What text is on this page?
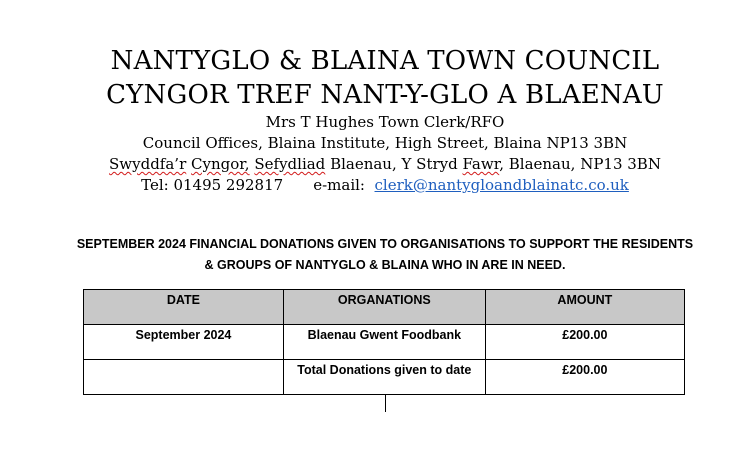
NANTYGLO & BLAINA TOWN COUNCIL
CYNGOR TREF NANT-Y-GLO A BLAENAU
Mrs T Hughes Town Clerk/RFO
Council Offices, Blaina Institute, High Street, Blaina NP13 3BN
Swyddfa’r Cyngor, Sefydliad Blaenau, Y Stryd Fawr, Blaenau, NP13 3BN
Tel: 01495 292817 e-mail: clerk@nantygloandblainatc.co.uk
SEPTEMBER 2024 FINANCIAL DONATIONS GIVEN TO ORGANISATIONS TO SUPPORT THE RESIDENTS
& GROUPS OF NANTYGLO & BLAINA WHO IN ARE IN NEED.
DATE	ORGANATIONS	AMOUNT
September 2024	Blaenau Gwent Foodbank	£200.00
	Total Donations given to date	£200.00
